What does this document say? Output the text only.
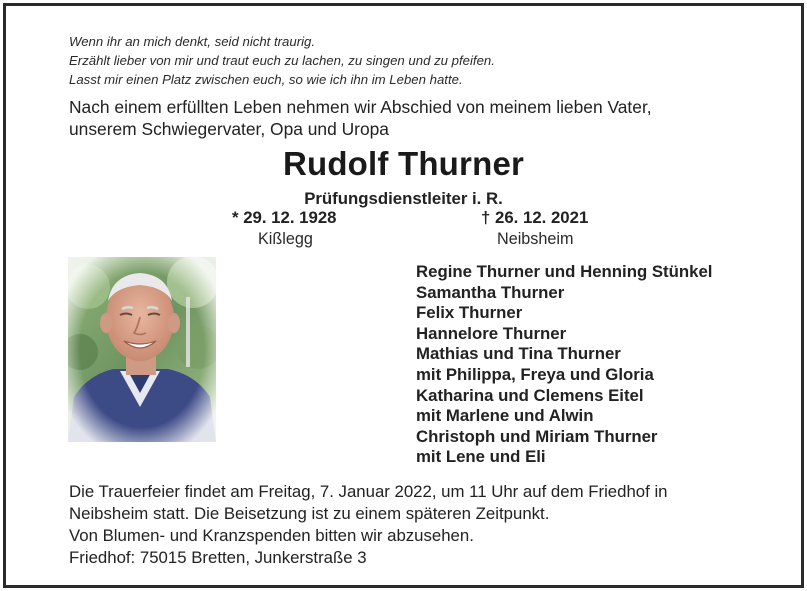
Wenn ihr an mich denkt, seid nicht traurig.
Erzählt lieber von mir und traut euch zu lachen, zu singen und zu pfeifen.
Lasst mir einen Platz zwischen euch, so wie ich ihn im Leben hatte.
Nach einem erfüllten Leben nehmen wir Abschied von meinem lieben Vater,
unserem Schwiegervater, Opa und Uropa
Rudolf Thurner
Prüfungsdienstleiter i. R.
* 29. 12. 1928	† 26. 12. 2021
Kißlegg	Neibsheim
Regine Thurner und Henning Stünkel
Samantha Thurner
Felix Thurner
Hannelore Thurner
Mathias und Tina Thurner
mit Philippa, Freya und Gloria
Katharina und Clemens Eitel
mit Marlene und Alwin
Christoph und Miriam Thurner
mit Lene und Eli
Die Trauerfeier findet am Freitag, 7. Januar 2022, um 11 Uhr auf dem Friedhof in
Neibsheim statt. Die Beisetzung ist zu einem späteren Zeitpunkt.
Von Blumen- und Kranzspenden bitten wir abzusehen.
Friedhof: 75015 Bretten, Junkerstraße 3
